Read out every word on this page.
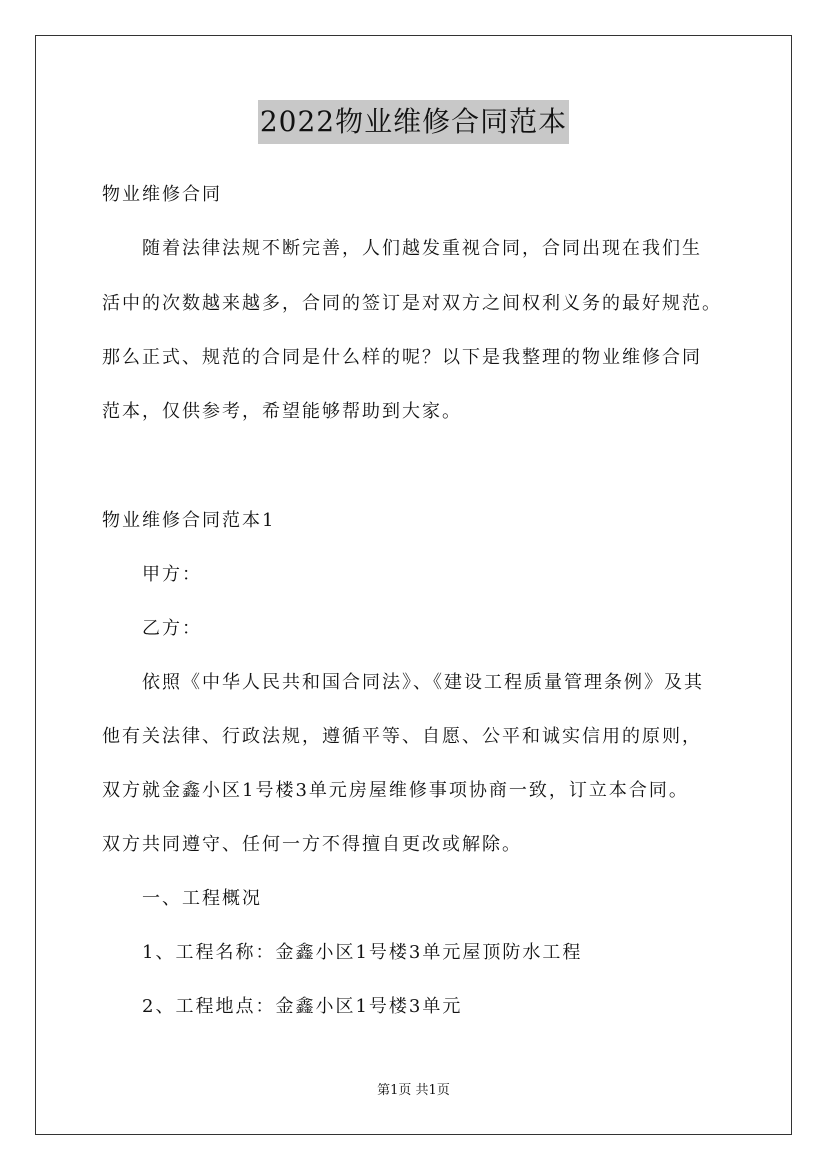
2022物业维修合同范本
物业维修合同
随着法律法规不断完善，人们越发重视合同，合同出现在我们生
活中的次数越来越多，合同的签订是对双方之间权利义务的最好规范。
那么正式、规范的合同是什么样的呢？以下是我整理的物业维修合同
范本，仅供参考，希望能够帮助到大家。
物业维修合同范本1
甲方：
乙方：
依照《中华人民共和国合同法》、《建设工程质量管理条例》及其
他有关法律、行政法规，遵循平等、自愿、公平和诚实信用的原则，
双方就金鑫小区1号楼3单元房屋维修事项协商一致，订立本合同。
双方共同遵守、任何一方不得擅自更改或解除。
一、工程概况
1、工程名称：金鑫小区1号楼3单元屋顶防水工程
2、工程地点：金鑫小区1号楼3单元
第1页 共1页
